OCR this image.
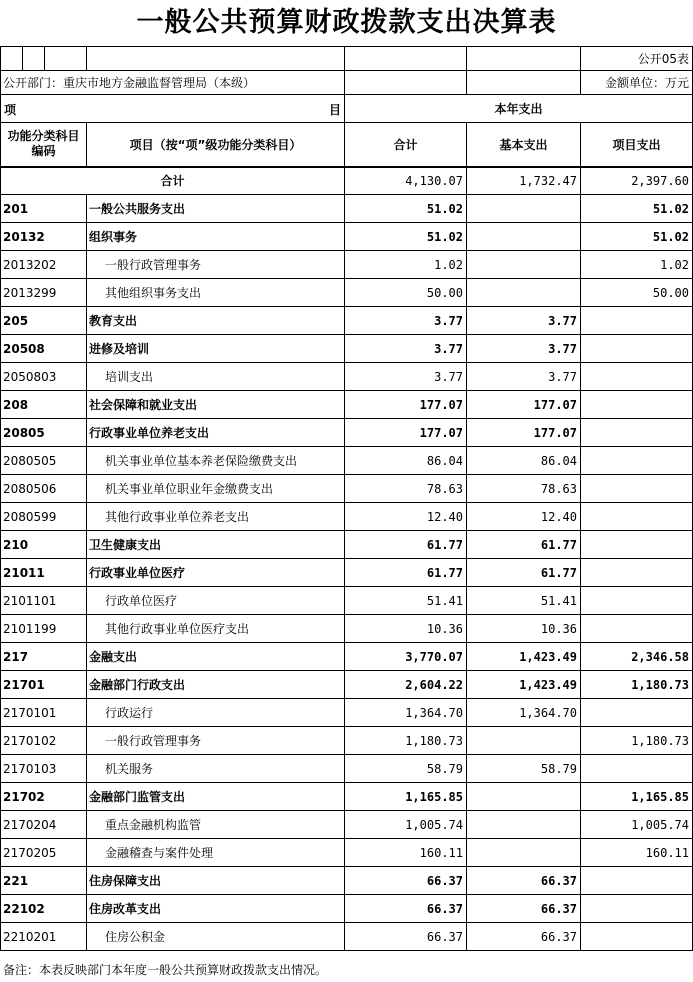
一般公共预算财政拨款支出决算表
						公开05表
公开部门：重庆市地方金融监督管理局（本级）						金额单位：万元

项 目				本年支出		
功能分类科目编码			项目（按“项”级功能分类科目）	合计	基本支出	项目支出
合计				4,130.07	1,732.47	2,397.60
201			一般公共服务支出	51.02		51.02
20132			组织事务	51.02		51.02
2013202			一般行政管理事务	1.02		1.02
2013299			其他组织事务支出	50.00		50.00
205			教育支出	3.77	3.77	
20508			进修及培训	3.77	3.77	
2050803			培训支出	3.77	3.77	
208			社会保障和就业支出	177.07	177.07	
20805			行政事业单位养老支出	177.07	177.07	
2080505			机关事业单位基本养老保险缴费支出	86.04	86.04	
2080506			机关事业单位职业年金缴费支出	78.63	78.63	
2080599			其他行政事业单位养老支出	12.40	12.40	
210			卫生健康支出	61.77	61.77	
21011			行政事业单位医疗	61.77	61.77	
2101101			行政单位医疗	51.41	51.41	
2101199			其他行政事业单位医疗支出	10.36	10.36	
217			金融支出	3,770.07	1,423.49	2,346.58
21701			金融部门行政支出	2,604.22	1,423.49	1,180.73
2170101			行政运行	1,364.70	1,364.70	
2170102			一般行政管理事务	1,180.73		1,180.73
2170103			机关服务	58.79	58.79	
21702			金融部门监管支出	1,165.85		1,165.85
2170204			重点金融机构监管	1,005.74		1,005.74
2170205			金融稽查与案件处理	160.11		160.11
221			住房保障支出	66.37	66.37	
22102			住房改革支出	66.37	66.37	
2210201			住房公积金	66.37	66.37	
备注：本表反映部门本年度一般公共预算财政拨款支出情况。
